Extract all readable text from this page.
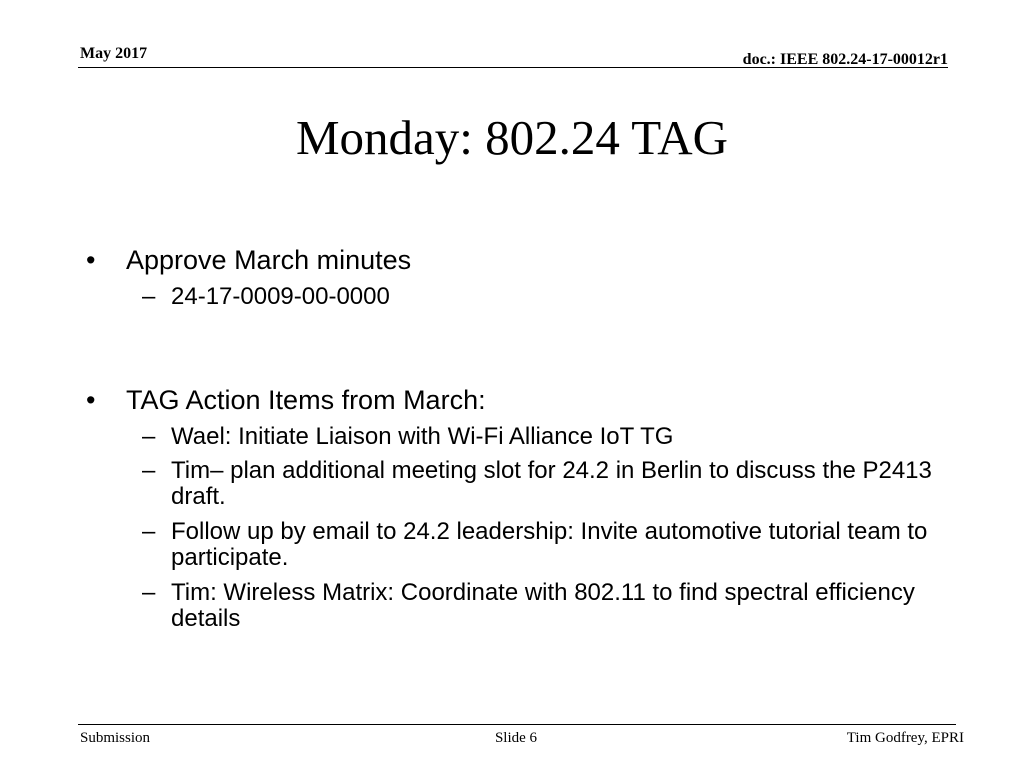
May 2017	doc.: IEEE 802.24-17-00012r1
Monday: 802.24 TAG
• Approve March minutes
– 24-17-0009-00-0000
• TAG Action Items from March:
– Wael: Initiate Liaison with Wi-Fi Alliance IoT TG
– Tim– plan additional meeting slot for 24.2 in Berlin to discuss the P2413 draft.
– Follow up by email to 24.2 leadership: Invite automotive tutorial team to participate.
– Tim: Wireless Matrix: Coordinate with 802.11 to find spectral efficiency details
Submission	Slide 6	Tim Godfrey, EPRI
